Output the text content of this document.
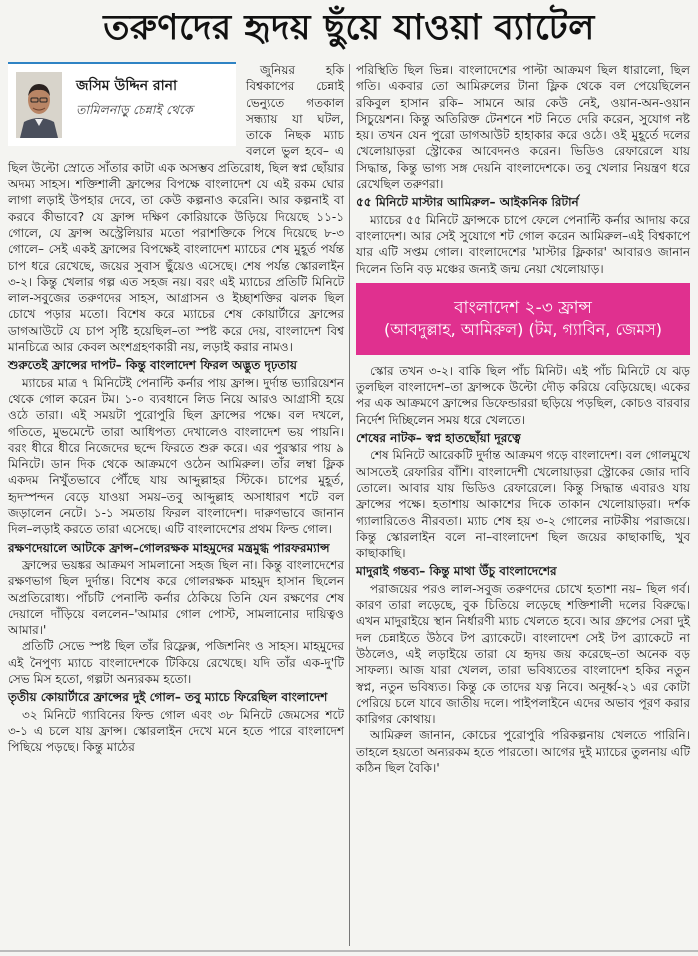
তরুণদের হৃদয় ছুঁয়ে যাওয়া ব্যাটেল
জসিম উদ্দিন রানা
তামিলনাড়ু চেন্নাই থেকে

জুনিয়র হকি বিশ্বকাপের চেন্নাই ভেন্যুতে গতকাল সন্ধ্যায় যা ঘটল, তাকে নিছক ম্যাচ বললে ভুল হবে– এ ছিল উল্টো স্রোতে সাঁতার কাটা এক অসম্ভব প্রতিরোধ, ছিল স্বপ্ন ছোঁয়ার অদম্য সাহস। শক্তিশালী ফ্রান্সের বিপক্ষে বাংলাদেশ যে এই রকম ঘোর লাগা লড়াই উপহার দেবে, তা কেউ কল্পনাও করেনি। আর কল্পনাই বা করবে কীভাবে? যে ফ্রান্স দক্ষিণ কোরিয়াকে উড়িয়ে দিয়েছে ১১-১ গোলে, যে ফ্রান্স অস্ট্রেলিয়ার মতো পরাশক্তিকে পিষে দিয়েছে ৮-৩ গোলে– সেই একই ফ্রান্সের বিপক্ষেই বাংলাদেশ ম্যাচের শেষ মুহূর্ত পর্যন্ত চাপ ধরে রেখেছে, জয়ের সুবাস ছুঁয়েও এসেছে। শেষ পর্যন্ত স্কোরলাইন ৩-২। কিন্তু খেলার গল্প এত সহজ নয়। বরং এই ম্যাচের প্রতিটি মিনিটে লাল-সবুজের তরুণদের সাহস, আগ্রাসন ও ইচ্ছাশক্তির ঝলক ছিল চোখে পড়ার মতো। বিশেষ করে ম্যাচের শেষ কোয়ার্টারে ফ্রান্সের ডাগআউটে যে চাপ সৃষ্টি হয়েছিল–তা স্পষ্ট করে দেয়, বাংলাদেশ বিশ্ব মানচিত্রে আর কেবল অংশগ্রহণকারী নয়, লড়াই করার নামও।

শুরুতেই ফ্রান্সের দাপট– কিন্তু বাংলাদেশ ফিরল অদ্ভুত দৃঢ়তায়

ম্যাচের মাত্র ৭ মিনিটেই পেনাল্টি কর্নার পায় ফ্রান্স। দুর্দান্ত ভ্যারিয়েশন থেকে গোল করেন টম। ১-০ ব্যবধানে লিড নিয়ে আরও আগ্রাসী হয়ে ওঠে তারা। এই সময়টা পুরোপুরি ছিল ফ্রান্সের পক্ষে। বল দখলে, গতিতে, মুভমেন্টে তারা আধিপত্য দেখালেও বাংলাদেশ ভয় পায়নি। বরং ধীরে ধীরে নিজেদের ছন্দে ফিরতে শুরু করে। এর পুরস্কার পায় ৯ মিনিটে। ডান দিক থেকে আক্রমণে ওঠেন আমিরুল। তাঁর লম্বা ফ্লিক একদম নিখুঁতভাবে পৌঁছে যায় আব্দুল্লাহর স্টিকে। চাপের মুহূর্ত, হৃদস্পন্দন বেড়ে যাওয়া সময়–তবু আব্দুল্লাহ অসাধারণ শটে বল জড়ালেন নেটে। ১-১ সমতায় ফিরল বাংলাদেশ। দারুণভাবে জানান দিল–লড়াই করতে তারা এসেছে। এটি বাংলাদেশের প্রথম ফিল্ড গোল।

রক্ষণদেয়ালে আটকে ফ্রান্স–গোলরক্ষক মাহমুদের মন্ত্রমুগ্ধ পারফরম্যান্স

ফ্রান্সের ভয়ঙ্কর আক্রমণ সামলানো সহজ ছিল না। কিন্তু বাংলাদেশের রক্ষণভাগ ছিল দুর্দান্ত। বিশেষ করে গোলরক্ষক মাহমুদ হাসান ছিলেন অপ্রতিরোধ্য। পাঁচটি পেনাল্টি কর্নার ঠেকিয়ে তিনি যেন রক্ষণের শেষ দেয়ালে দাঁড়িয়ে বললেন–'আমার গোল পোস্ট, সামলানোর দায়িত্বও আমার।'

প্রতিটি সেভে স্পষ্ট ছিল তাঁর রিফ্লেক্স, পজিশনিং ও সাহস। মাহমুদের এই নৈপুণ্য ম্যাচে বাংলাদেশকে টিকিয়ে রেখেছে। যদি তাঁর এক-দু'টি সেভ মিস হতো, গল্পটা অন্যরকম হতো।

তৃতীয় কোয়ার্টারে ফ্রান্সের দুই গোল– তবু ম্যাচে ফিরেছিল বাংলাদেশ

৩২ মিনিটে গ্যাবিনের ফিল্ড গোল এবং ৩৮ মিনিটে জেমসের শটে ৩-১ এ চলে যায় ফ্রান্স। স্কোরলাইন দেখে মনে হতে পারে বাংলাদেশ পিছিয়ে পড়ছে। কিন্তু মাঠের

পরিস্থিতি ছিল ভিন্ন। বাংলাদেশের পাল্টা আক্রমণ ছিল ধারালো, ছিল গতি। একবার তো আমিরুলের টানা ফ্লিক থেকে বল পেয়েছিলেন রকিবুল হাসান রকি– সামনে আর কেউ নেই, ওয়ান-অন-ওয়ান সিচুয়েশন। কিন্তু অতিরিক্ত টেনশনে শট নিতে দেরি করেন, সুযোগ নষ্ট হয়। তখন যেন পুরো ডাগআউট হাহাকার করে ওঠে। ওই মুহূর্তে দলের খেলোয়াড়রা স্ট্রোকের আবেদনও করেন। ভিডিও রেফারেলে যায় সিদ্ধান্ত, কিন্তু ভাগ্য সঙ্গ দেয়নি বাংলাদেশকে। তবু খেলার নিয়ন্ত্রণ ধরে রেখেছিল তরুণরা।

৫৫ মিনিটে মাস্টার আমিরুল– আইকনিক রিটার্ন

ম্যাচের ৫৫ মিনিটে ফ্রান্সকে চাপে ফেলে পেনাল্টি কর্নার আদায় করে বাংলাদেশ। আর সেই সুযোগে শট গোল করেন আমিরুল–এই বিশ্বকাপে যার এটি সপ্তম গোল। বাংলাদেশের 'মাস্টার ফ্লিকার' আবারও জানান দিলেন তিনি বড় মঞ্চের জন্যই জন্ম নেয়া খেলোয়াড়।

বাংলাদেশ ২-৩ ফ্রান্স
(আবদুল্লাহ, আমিরুল) (টম, গ্যাবিন, জেমস)

স্কোর তখন ৩-২। বাকি ছিল পাঁচ মিনিট। এই পাঁচ মিনিটে যে ঝড় তুলছিল বাংলাদেশ–তা ফ্রান্সকে উল্টো দৌড় করিয়ে বেড়িয়েছে। একের পর এক আক্রমণে ফ্রান্সের ডিফেন্ডাররা ছড়িয়ে পড়ছিল, কোচও বারবার নির্দেশ দিচ্ছিলেন সময় ধরে খেলতে।

শেষের নাটক– স্বপ্ন হাতছোঁয়া দূরত্বে

শেষ মিনিটে আরেকটি দুর্দান্ত আক্রমণ গড়ে বাংলাদেশ। বল গোলমুখে আসতেই রেফারির বাঁশি। বাংলাদেশী খেলোয়াড়রা স্ট্রোকের জোর দাবি তোলে। আবার যায় ভিডিও রেফারেলে। কিন্তু সিদ্ধান্ত এবারও যায় ফ্রান্সের পক্ষে। হতাশায় আকাশের দিকে তাকান খেলোয়াড়রা। দর্শক গ্যালারিতেও নীরবতা। ম্যাচ শেষ হয় ৩-২ গোলের নাটকীয় পরাজয়ে। কিন্তু স্কোরলাইন বলে না–বাংলাদেশ ছিল জয়ের কাছাকাছি, খুব কাছাকাছি।

মাদুরাই গন্তব্য– কিন্তু মাথা উঁচু বাংলাদেশের

পরাজয়ের পরও লাল-সবুজ তরুণদের চোখে হতাশা নয়– ছিল গর্ব। কারণ তারা লড়েছে, বুক চিতিয়ে লড়েছে শক্তিশালী দলের বিরুদ্ধে। এখন মাদুরাইয়ে স্থান নির্ধারণী ম্যাচ খেলতে হবে। আর গ্রুপের সেরা দুই দল চেন্নাইতে উঠবে টপ ব্র্যাকেটে। বাংলাদেশ সেই টপ ব্র্যাকেটে না উঠলেও, এই লড়াইয়ে তারা যে হৃদয় জয় করেছে–তা অনেক বড় সাফল্য। আজ যারা খেলল, তারা ভবিষ্যতের বাংলাদেশ হকির নতুন স্বপ্ন, নতুন ভবিষ্যত। কিন্তু কে তাদের যত্ন নিবে। অনূর্ধ্ব-২১ এর কোটা পেরিয়ে চলে যাবে জাতীয় দলে। পাইপলাইনে এদের অভাব পূরণ করার কারিগর কোথায়।

আমিরুল জানান, কোচের পুরোপুরি পরিকল্পনায় খেলতে পারিনি। তাহলে হয়তো অন্যরকম হতে পারতো। আগের দুই ম্যাচের তুলনায় এটি কঠিন ছিল বৈকি।'
